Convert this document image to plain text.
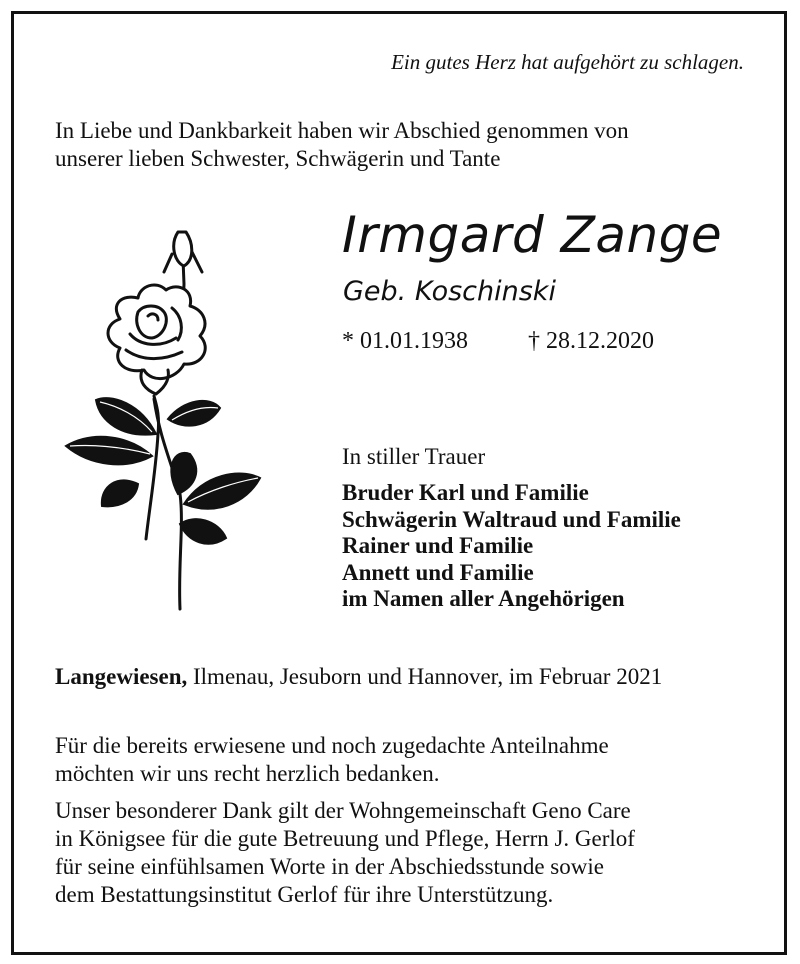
Ein gutes Herz hat aufgehört zu schlagen.
In Liebe und Dankbarkeit haben wir Abschied genommen von
unserer lieben Schwester, Schwägerin und Tante
Irmgard Zange
Geb. Koschinski
* 01.01.1938	† 28.12.2020
In stiller Trauer
Bruder Karl und Familie
Schwägerin Waltraud und Familie
Rainer und Familie
Annett und Familie
im Namen aller Angehörigen
Langewiesen, Ilmenau, Jesuborn und Hannover, im Februar 2021
Für die bereits erwiesene und noch zugedachte Anteilnahme
möchten wir uns recht herzlich bedanken.
Unser besonderer Dank gilt der Wohngemeinschaft Geno Care
in Königsee für die gute Betreuung und Pflege, Herrn J. Gerlof
für seine einfühlsamen Worte in der Abschiedsstunde sowie
dem Bestattungsinstitut Gerlof für ihre Unterstützung.
